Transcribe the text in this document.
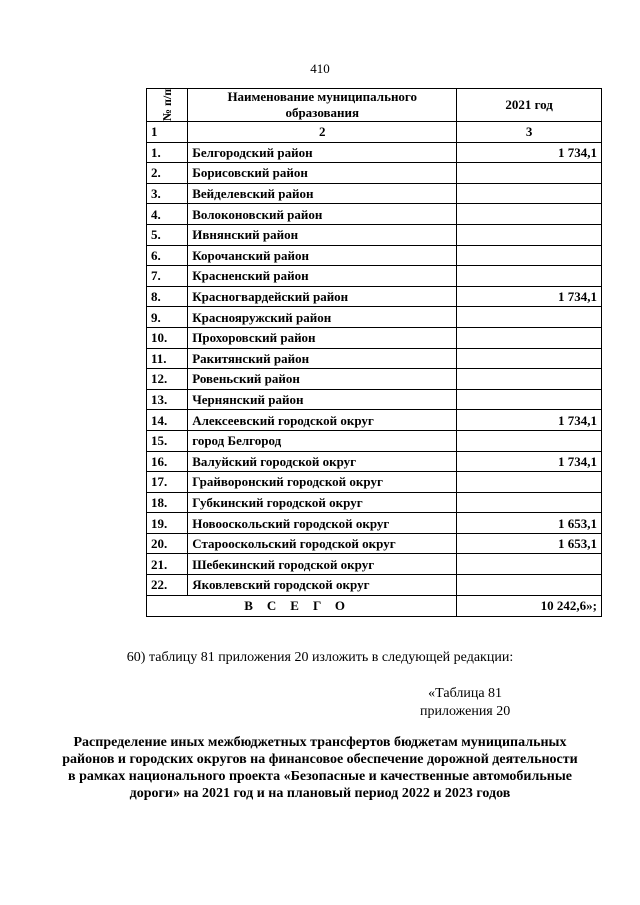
410
№ п/п	Наименование муниципального образования	2021 год
1	2	3
1.	Белгородский район	1 734,1
2.	Борисовский район	
3.	Вейделевский район	
4.	Волоконовский район	
5.	Ивнянский район	
6.	Корочанский район	
7.	Красненский район	
8.	Красногвардейский район	1 734,1
9.	Краснояружский район	
10.	Прохоровский район	
11.	Ракитянский район	
12.	Ровеньский район	
13.	Чернянский район	
14.	Алексеевский городской округ	1 734,1
15.	город Белгород	
16.	Валуйский городской округ	1 734,1
17.	Грайворонский городской округ	
18.	Губкинский городской округ	
19.	Новооскольский городской округ	1 653,1
20.	Старооскольский городской округ	1 653,1
21.	Шебекинский городской округ	
22.	Яковлевский городской округ	
ВСЕГО		10 242,6»;
60) таблицу 81 приложения 20 изложить в следующей редакции:
«Таблица 81
приложения 20
Распределение иных межбюджетных трансфертов бюджетам муниципальных районов и городских округов на финансовое обеспечение дорожной деятельности в рамках национального проекта «Безопасные и качественные автомобильные дороги» на 2021 год и на плановый период 2022 и 2023 годов
